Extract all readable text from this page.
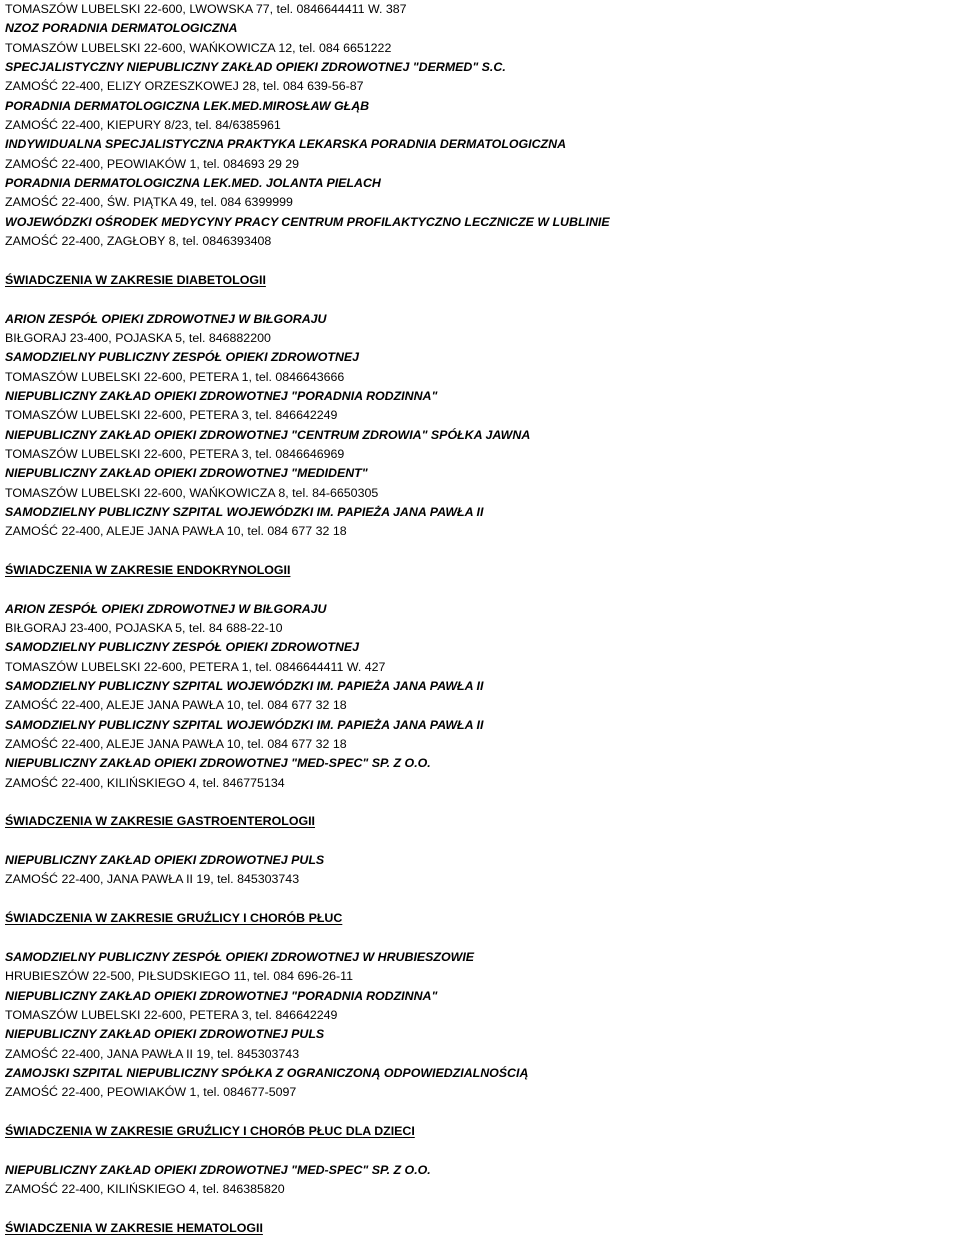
TOMASZÓW LUBELSKI 22-600, LWOWSKA 77, tel. 0846644411 W. 387
NZOZ PORADNIA DERMATOLOGICZNA
TOMASZÓW LUBELSKI 22-600, WAŃKOWICZA 12, tel. 084 6651222
SPECJALISTYCZNY NIEPUBLICZNY ZAKŁAD OPIEKI ZDROWOTNEJ "DERMED" S.C.
ZAMOŚĆ 22-400, ELIZY ORZESZKOWEJ 28, tel. 084 639-56-87
PORADNIA DERMATOLOGICZNA LEK.MED.MIROSŁAW GŁĄB
ZAMOŚĆ 22-400, KIEPURY 8/23, tel. 84/6385961
INDYWIDUALNA SPECJALISTYCZNA PRAKTYKA LEKARSKA PORADNIA DERMATOLOGICZNA
ZAMOŚĆ 22-400, PEOWIAKÓW 1, tel. 084693 29 29
PORADNIA DERMATOLOGICZNA LEK.MED. JOLANTA PIELACH
ZAMOŚĆ 22-400, ŚW. PIĄTKA 49, tel. 084 6399999
WOJEWÓDZKI OŚRODEK MEDYCYNY PRACY CENTRUM PROFILAKTYCZNO LECZNICZE W LUBLINIE
ZAMOŚĆ 22-400, ZAGŁOBY 8, tel. 0846393408
ŚWIADCZENIA W ZAKRESIE DIABETOLOGII
ARION ZESPÓŁ OPIEKI ZDROWOTNEJ W BIŁGORAJU
BIŁGORAJ 23-400, POJASKA 5, tel. 846882200
SAMODZIELNY PUBLICZNY ZESPÓŁ OPIEKI ZDROWOTNEJ
TOMASZÓW LUBELSKI 22-600, PETERA 1, tel. 0846643666
NIEPUBLICZNY ZAKŁAD OPIEKI ZDROWOTNEJ "PORADNIA RODZINNA"
TOMASZÓW LUBELSKI 22-600, PETERA 3, tel. 846642249
NIEPUBLICZNY ZAKŁAD OPIEKI ZDROWOTNEJ "CENTRUM ZDROWIA" SPÓŁKA JAWNA
TOMASZÓW LUBELSKI 22-600, PETERA 3, tel. 0846646969
NIEPUBLICZNY ZAKŁAD OPIEKI ZDROWOTNEJ "MEDIDENT"
TOMASZÓW LUBELSKI 22-600, WAŃKOWICZA 8, tel. 84-6650305
SAMODZIELNY PUBLICZNY SZPITAL WOJEWÓDZKI IM. PAPIEŻA JANA PAWŁA II
ZAMOŚĆ 22-400, ALEJE JANA PAWŁA 10, tel. 084 677 32 18
ŚWIADCZENIA W ZAKRESIE ENDOKRYNOLOGII
ARION ZESPÓŁ OPIEKI ZDROWOTNEJ W BIŁGORAJU
BIŁGORAJ 23-400, POJASKA 5, tel. 84 688-22-10
SAMODZIELNY PUBLICZNY ZESPÓŁ OPIEKI ZDROWOTNEJ
TOMASZÓW LUBELSKI 22-600, PETERA 1, tel. 0846644411 W. 427
SAMODZIELNY PUBLICZNY SZPITAL WOJEWÓDZKI IM. PAPIEŻA JANA PAWŁA II
ZAMOŚĆ 22-400, ALEJE JANA PAWŁA 10, tel. 084 677 32 18
SAMODZIELNY PUBLICZNY SZPITAL WOJEWÓDZKI IM. PAPIEŻA JANA PAWŁA II
ZAMOŚĆ 22-400, ALEJE JANA PAWŁA 10, tel. 084 677 32 18
NIEPUBLICZNY ZAKŁAD OPIEKI ZDROWOTNEJ "MED-SPEC" SP. Z O.O.
ZAMOŚĆ 22-400, KILIŃSKIEGO 4, tel. 846775134
ŚWIADCZENIA W ZAKRESIE GASTROENTEROLOGII
NIEPUBLICZNY ZAKŁAD OPIEKI ZDROWOTNEJ PULS
ZAMOŚĆ 22-400, JANA PAWŁA II 19, tel. 845303743
ŚWIADCZENIA W ZAKRESIE GRUŹLICY I CHORÓB PŁUC
SAMODZIELNY PUBLICZNY ZESPÓŁ OPIEKI ZDROWOTNEJ W HRUBIESZOWIE
HRUBIESZÓW 22-500, PIŁSUDSKIEGO 11, tel. 084 696-26-11
NIEPUBLICZNY ZAKŁAD OPIEKI ZDROWOTNEJ "PORADNIA RODZINNA"
TOMASZÓW LUBELSKI 22-600, PETERA 3, tel. 846642249
NIEPUBLICZNY ZAKŁAD OPIEKI ZDROWOTNEJ PULS
ZAMOŚĆ 22-400, JANA PAWŁA II 19, tel. 845303743
ZAMOJSKI SZPITAL NIEPUBLICZNY SPÓŁKA Z OGRANICZONĄ ODPOWIEDZIALNOŚCIĄ
ZAMOŚĆ 22-400, PEOWIAKÓW 1, tel. 084677-5097
ŚWIADCZENIA W ZAKRESIE GRUŹLICY I CHORÓB PŁUC DLA DZIECI
NIEPUBLICZNY ZAKŁAD OPIEKI ZDROWOTNEJ "MED-SPEC" SP. Z O.O.
ZAMOŚĆ 22-400, KILIŃSKIEGO 4, tel. 846385820
ŚWIADCZENIA W ZAKRESIE HEMATOLOGII
